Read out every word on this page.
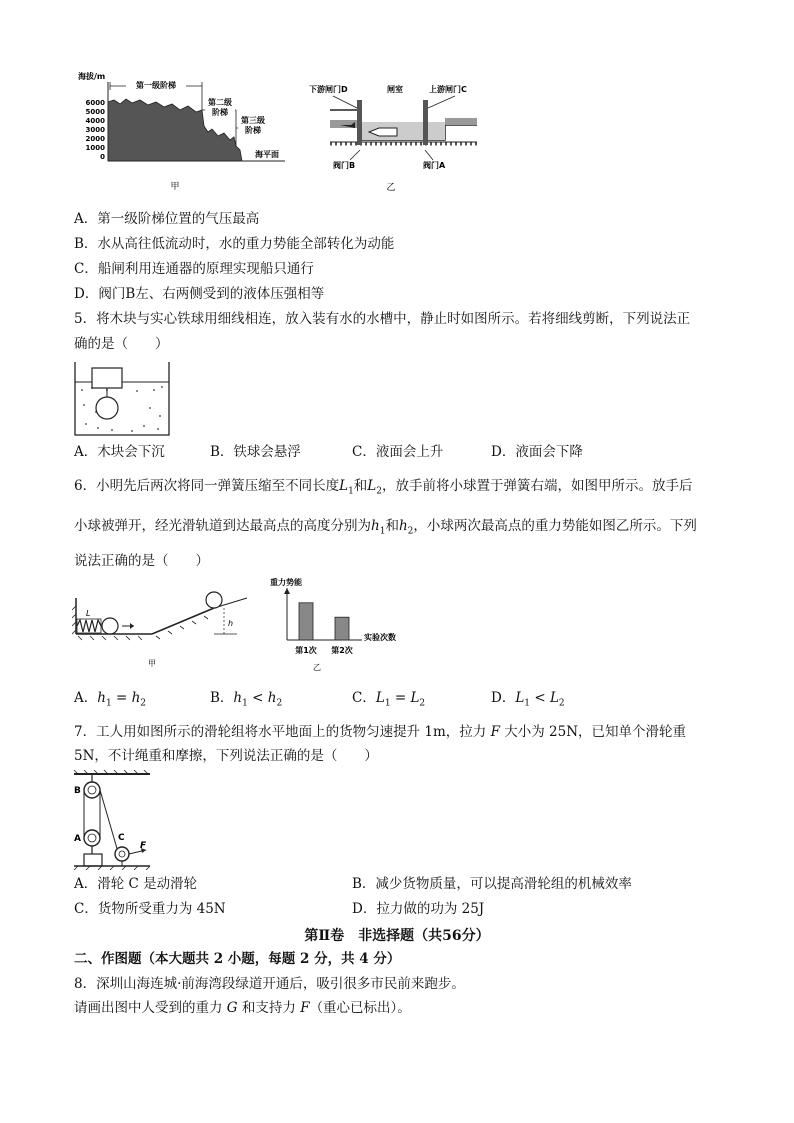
海拔/m
6000
5000
4000
3000
2000
1000
0
第一级阶梯
第二级
阶梯
第三级
阶梯
海平面
甲
下游闸门D	闸室	上游闸门C
阀门B	阀门A
乙
A．第一级阶梯位置的气压最高
B．水从高往低流动时，水的重力势能全部转化为动能
C．船闸利用连通器的原理实现船只通行
D．阀门B左、右两侧受到的液体压强相等
5．将木块与实心铁球用细线相连，放入装有水的水槽中，静止时如图所示。若将细线剪断，下列说法正
确的是（　　）
A．木块会下沉	B．铁球会悬浮	C．液面会上升	D．液面会下降
6．小明先后两次将同一弹簧压缩至不同长度$L_1$和$L_2$，放手前将小球置于弹簧右端，如图甲所示。放手后
小球被弹开，经光滑轨道到达最高点的高度分别为$h_1$和$h_2$，小球两次最高点的重力势能如图乙所示。下列
说法正确的是（　　）
L
h
甲
重力势能
实验次数
第1次 第2次
乙
A．$h_1 = h_2$	B．$h_1 < h_2$	C．$L_1 = L_2$	D．$L_1 < L_2$
7．工人用如图所示的滑轮组将水平地面上的货物匀速提升 1m，拉力 F 大小为 25N，已知单个滑轮重
5N，不计绳重和摩擦，下列说法正确的是（　　）
B
A	C
F
A．滑轮 C 是动滑轮	B．减少货物质量，可以提高滑轮组的机械效率
C．货物所受重力为 45N	D．拉力做的功为 25J
第Ⅱ卷　非选择题（共56分）
二、作图题（本大题共 2 小题，每题 2 分，共 4 分）
8．深圳山海连城·前海湾段绿道开通后，吸引很多市民前来跑步。
请画出图中人受到的重力 G 和支持力 F（重心已标出）。
